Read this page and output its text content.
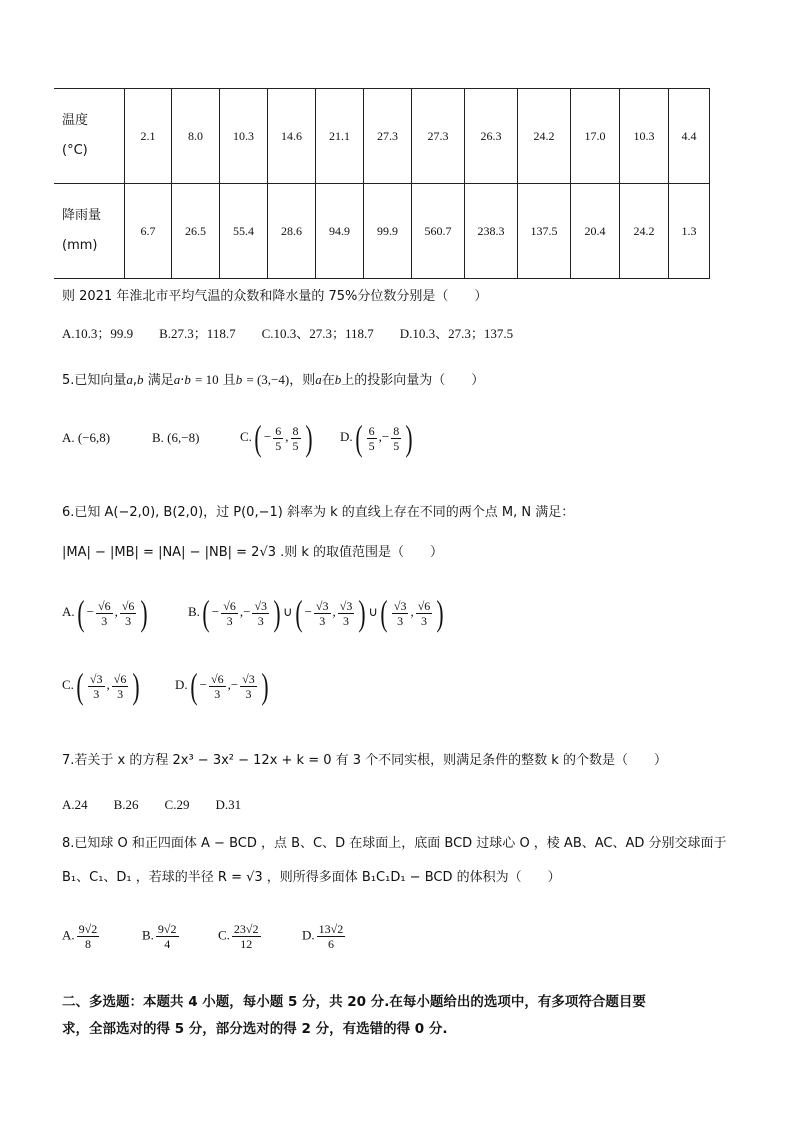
温度
(°C)	2.1	8.0	10.3	14.6	21.1	27.3	27.3	26.3	24.2	17.0	10.3	4.4

降雨量
(mm)	6.7	26.5	55.4	28.6	94.9	99.9	560.7	238.3	137.5	20.4	24.2	1.3
则 2021 年淮北市平均气温的众数和降水量的 75%分位数分别是（　　）
A.10.3；99.9　　B.27.3；118.7　　C.10.3、27.3；118.7　　D.10.3、27.3；137.5
5.已知向量a,b 满足a·b = 10 且b = (3,−4)，则a在b上的投影向量为（　　）
A. (−6,8)	B. (6,−8)	$C.( - \frac{6}{5}$ , $\frac{8}{5}$ ) $D.( \frac{6}{5}$ ,− $\frac{8}{5}$ )
6.已知 A(−2,0), B(2,0)，过 P(0,−1) 斜率为 k 的直线上存在不同的两个点 M, N 满足：
|MA| − |MB| = |NA| − |NB| = 2√3 .则 k 的取值范围是（　　）
$A.( - \frac{√6}{3}$ , $\frac{√6}{3}$ )	$B.( - \frac{√6}{3}$ ,− $\frac{√3}{3}$ ) ∪( − $\frac{√3}{3}$ , $\frac{√3}{3}$ ) ∪( $\frac{√3}{3}$ , $\frac{√6}{3}$ )
$C.( \frac{√3}{3}$ , $\frac{√6}{3}$ )	$D.( - \frac{√6}{3}$ ,− $\frac{√3}{3}$ )
7.若关于 x 的方程 2x³ − 3x² − 12x + k = 0 有 3 个不同实根，则满足条件的整数 k 的个数是（　　）
A.24　　B.26　　C.29　　D.31
8.已知球 O 和正四面体 A − BCD ，点 B、C、D 在球面上，底面 BCD 过球心 O ，棱 AB、AC、AD 分别交球面于
B₁、C₁、D₁ ，若球的半径 R = √3 ，则所得多面体 B₁C₁D₁ − BCD 的体积为（　　）
A. $\frac{9√2}{8}$	B. $\frac{9√2}{4}$	C. $\frac{23√2}{12}$	D. $\frac{13√2}{6}$
二、多选题：本题共 4 小题，每小题 5 分，共 20 分.在每小题给出的选项中，有多项符合题目要
求，全部选对的得 5 分，部分选对的得 2 分，有选错的得 0 分.
